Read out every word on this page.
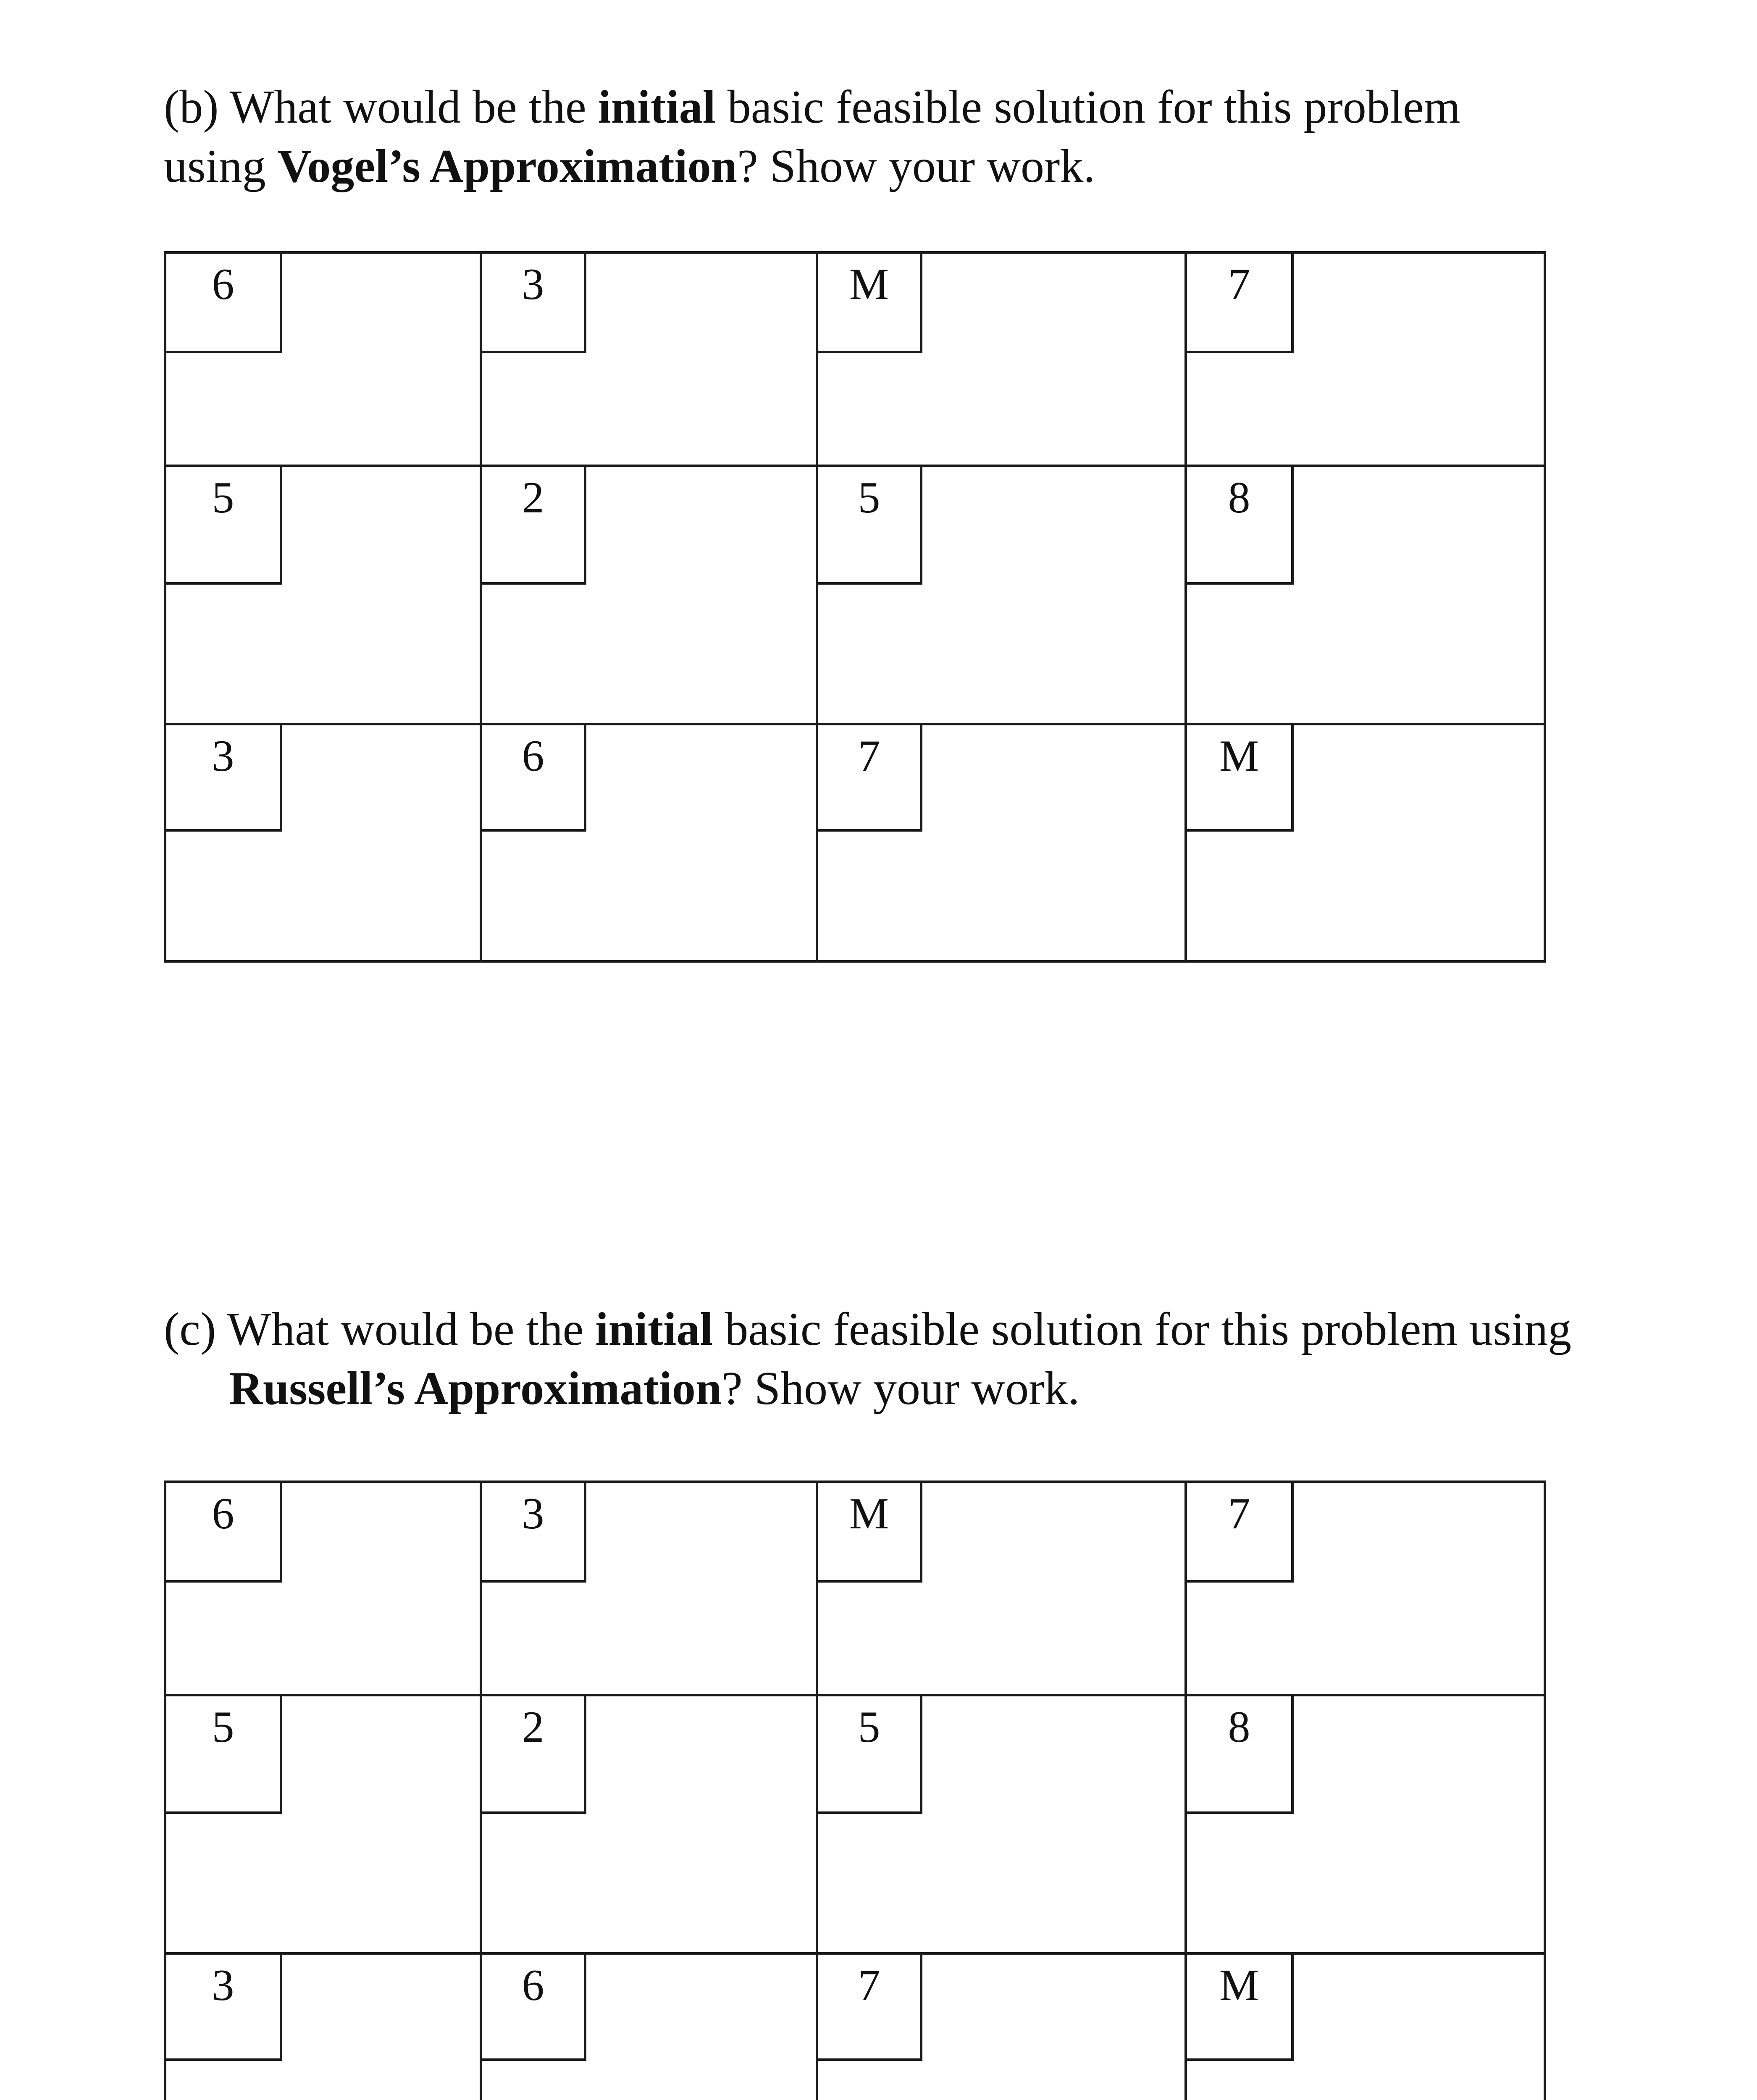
(b) What would be the initial basic feasible solution for this problem
using Vogel’s Approximation? Show your work.

6	3	M	7
5	2	5	8
3	6	7	M

(c) What would be the initial basic feasible solution for this problem using
Russell’s Approximation? Show your work.

6	3	M	7
5	2	5	8
3	6	7	M
